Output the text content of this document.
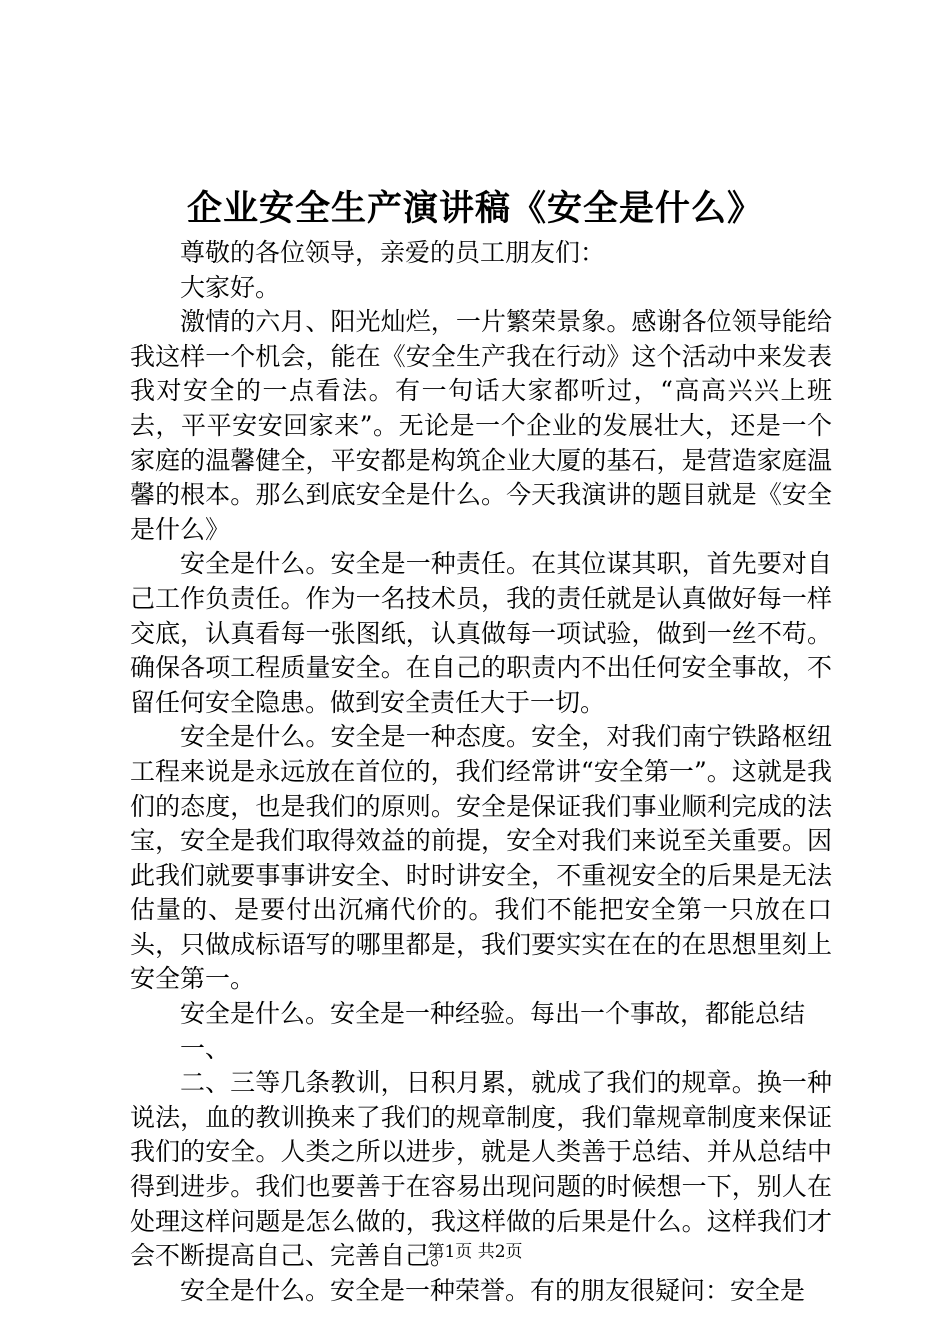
企业安全生产演讲稿《安全是什么》

尊敬的各位领导，亲爱的员工朋友们：

大家好。

激情的六月、阳光灿烂，一片繁荣景象。感谢各位领导能给我这样一个机会，能在《安全生产我在行动》这个活动中来发表我对安全的一点看法。有一句话大家都听过，“高高兴兴上班去，平平安安回家来”。无论是一个企业的发展壮大，还是一个家庭的温馨健全，平安都是构筑企业大厦的基石，是营造家庭温馨的根本。那么到底安全是什么。今天我演讲的题目就是《安全是什么》

安全是什么。安全是一种责任。在其位谋其职，首先要对自己工作负责任。作为一名技术员，我的责任就是认真做好每一样交底，认真看每一张图纸，认真做每一项试验，做到一丝不苟。确保各项工程质量安全。在自己的职责内不出任何安全事故，不留任何安全隐患。做到安全责任大于一切。

安全是什么。安全是一种态度。安全，对我们南宁铁路枢纽工程来说是永远放在首位的，我们经常讲“安全第一”。这就是我们的态度，也是我们的原则。安全是保证我们事业顺利完成的法宝，安全是我们取得效益的前提，安全对我们来说至关重要。因此我们就要事事讲安全、时时讲安全，不重视安全的后果是无法估量的、是要付出沉痛代价的。我们不能把安全第一只放在口头，只做成标语写的哪里都是，我们要实实在在的在思想里刻上安全第一。

安全是什么。安全是一种经验。每出一个事故，都能总结

一、

二、三等几条教训，日积月累，就成了我们的规章。换一种说法，血的教训换来了我们的规章制度，我们靠规章制度来保证我们的安全。人类之所以进步，就是人类善于总结、并从总结中得到进步。我们也要善于在容易出现问题的时候想一下，别人在处理这样问题是怎么做的，我这样做的后果是什么。这样我们才会不断提高自己、完善自己。

安全是什么。安全是一种荣誉。有的朋友很疑问：安全是

第1页 共2页
